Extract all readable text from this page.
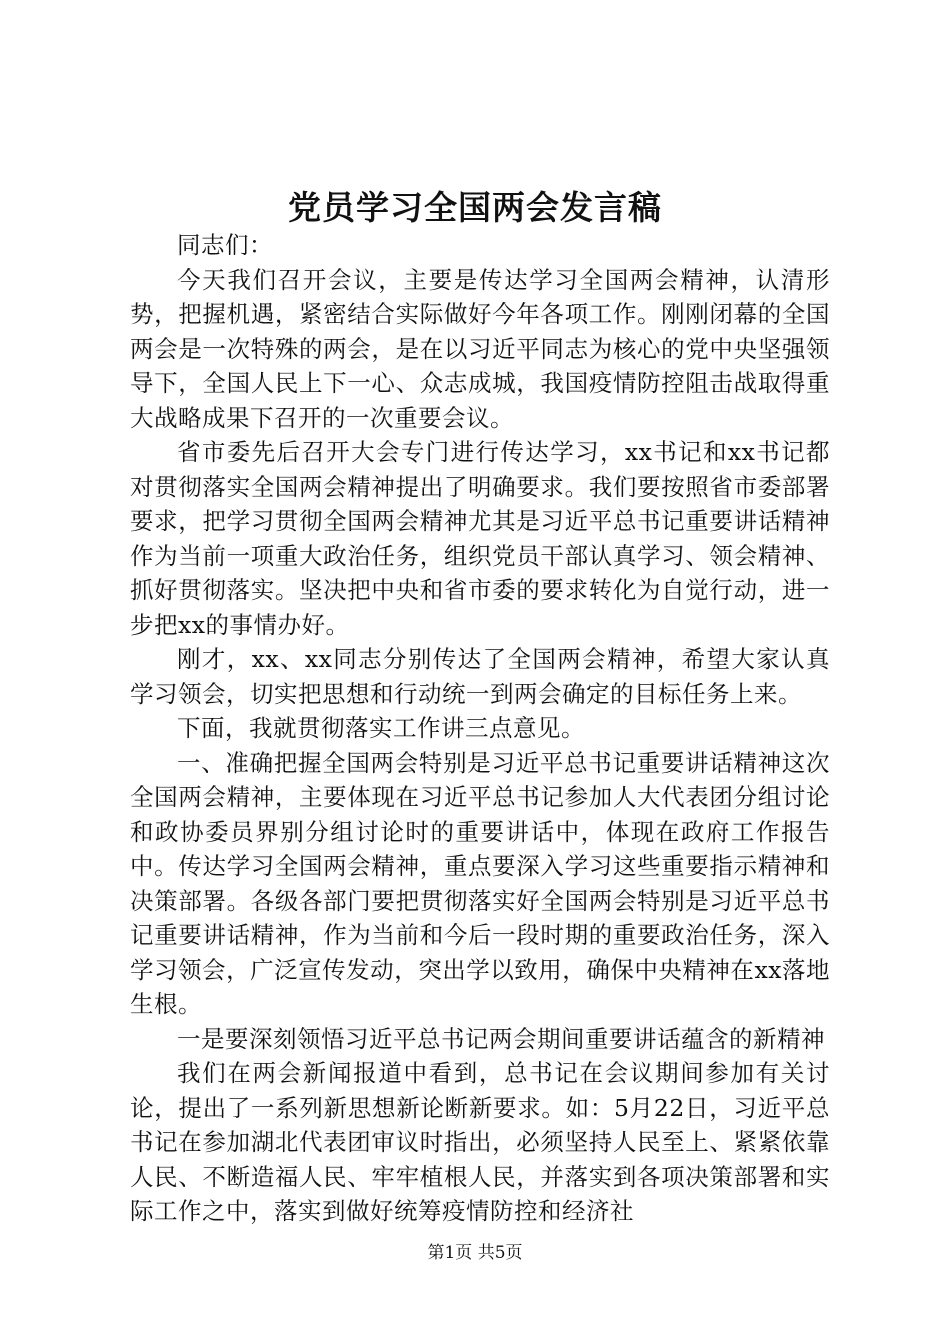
党员学习全国两会发言稿

同志们：

今天我们召开会议，主要是传达学习全国两会精神，认清形势，把握机遇，紧密结合实际做好今年各项工作。刚刚闭幕的全国两会是一次特殊的两会，是在以习近平同志为核心的党中央坚强领导下，全国人民上下一心、众志成城，我国疫情防控阻击战取得重大战略成果下召开的一次重要会议。

省市委先后召开大会专门进行传达学习，xx书记和xx书记都对贯彻落实全国两会精神提出了明确要求。我们要按照省市委部署要求，把学习贯彻全国两会精神尤其是习近平总书记重要讲话精神作为当前一项重大政治任务，组织党员干部认真学习、领会精神、抓好贯彻落实。坚决把中央和省市委的要求转化为自觉行动，进一步把xx的事情办好。

刚才，xx、xx同志分别传达了全国两会精神，希望大家认真学习领会，切实把思想和行动统一到两会确定的目标任务上来。

下面，我就贯彻落实工作讲三点意见。

一、准确把握全国两会特别是习近平总书记重要讲话精神这次全国两会精神，主要体现在习近平总书记参加人大代表团分组讨论和政协委员界别分组讨论时的重要讲话中，体现在政府工作报告中。传达学习全国两会精神，重点要深入学习这些重要指示精神和决策部署。各级各部门要把贯彻落实好全国两会特别是习近平总书记重要讲话精神，作为当前和今后一段时期的重要政治任务，深入学习领会，广泛宣传发动，突出学以致用，确保中央精神在xx落地生根。

一是要深刻领悟习近平总书记两会期间重要讲话蕴含的新精神

我们在两会新闻报道中看到，总书记在会议期间参加有关讨论，提出了一系列新思想新论断新要求。如：5月22日，习近平总书记在参加湖北代表团审议时指出，必须坚持人民至上、紧紧依靠人民、不断造福人民、牢牢植根人民，并落实到各项决策部署和实际工作之中，落实到做好统筹疫情防控和经济社

第1页 共5页
